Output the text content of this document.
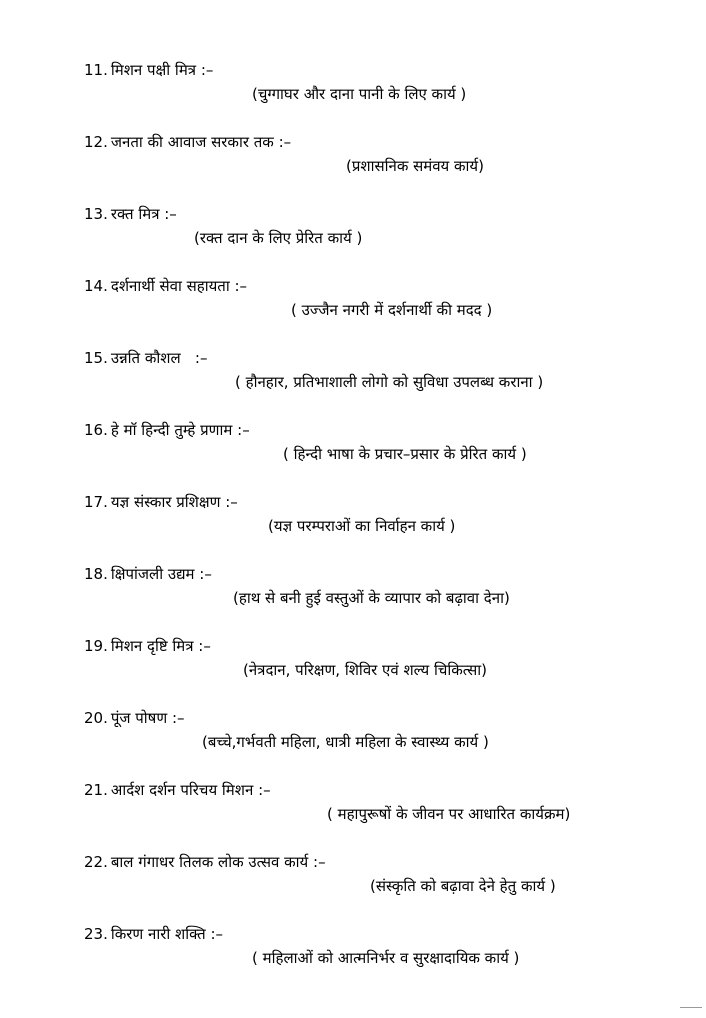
11. मिशन पक्षी मित्र :–
(चुग्गाघर और दाना पानी के लिए कार्य )
12. जनता की आवाज सरकार तक :–
(प्रशासनिक समंवय कार्य)
13. रक्त मित्र :–
(रक्त दान के लिए प्रेरित कार्य )
14. दर्शनार्थी सेवा सहायता :–
( उज्जैन नगरी में दर्शनार्थी की मदद )
15. उन्नति कौशल   :–
( हौनहार, प्रतिभाशाली लोगो को सुविधा उपलब्ध कराना )
16. हे मॉ हिन्दी तुम्हे प्रणाम :–
( हिन्दी भाषा के प्रचार–प्रसार के प्रेरित कार्य )
17. यज्ञ संस्कार प्रशिक्षण :–
(यज्ञ परम्पराओं का निर्वाहन कार्य )
18. क्षिपांजली उद्यम :–
(हाथ से बनी हुई वस्तुओं के व्यापार को बढ़ावा देना)
19. मिशन दृष्टि मित्र :–
(नेत्रदान, परिक्षण, शिविर एवं शल्य चिकित्सा)
20. पूंज पोषण :–
(बच्चे,गर्भवती महिला, धात्री महिला के स्वास्थ्य कार्य )
21. आर्दश दर्शन परिचय मिशन :–
( महापुरूषों के जीवन पर आधारित कार्यक्रम)
22. बाल गंगाधर तिलक लोक उत्सव कार्य :–
(संस्कृति को बढ़ावा देने हेतु कार्य )
23. किरण नारी शक्ति :–
( महिलाओं को आत्मनिर्भर व सुरक्षादायिक कार्य )
